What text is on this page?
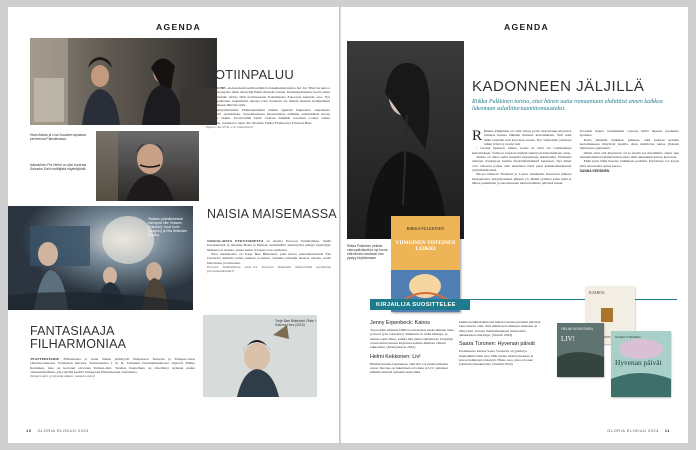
AGENDA
Hiam Abbas ja Lina Soualem tapaavat perheensä Palestiinassa.
Naisdublen Pia Hertel on yksi kuulesta Salvador Dalín esittäjistä näyttelijöistä.
KOTIINPALUU

OPEN CINE -elokuvafestivaalilla nähtävä dokumenttielokuva Sur Sur Tiberius kertoo Sucrovisusarjasta tutun näyttelijä Hiam Abbasin tarinan. Kolmekymmentä vuotta sitten perhepiiristään Abbas lähti kotimaastaan Palestiinasta Euroopan kaunein orsa. Nyt hänen tyttärensä, dokumentti ohjaaja Lina Soualem vie äitinsä takaisin kotikyläänsä selvittääkseen lähtöön syitä.

Kevätnäyttämönään Pirkkalanmäellä tutkittu Quentin Dupieux'n ohjaamasta Daaaaaalí! -komediaan. Surrealistisessa Daaaaaalíssa nähdään ensimmäistä kertaa Salvador Dalíta. Festivaalilla Dalín roolissa nähdään Jonathan Cohen, Gilles Lellouche, Jonathan Cohen, Pio Marmaï, Didier Flamand ja Edouard Baer.

Espoo Ciné 23.8.–1.9. espoocine.fi
Teoksen päänäköreissä esiintyvät Ville Virtanen (Gandalf), Jussi Kurki (Aragorn) ja Ella Heikkinen (Frodo).
NAISIA MAISEMASSA

NORJALAISTA NYKYTAIDETTA on tarjolla Porvoon Taidehallissa. Siellä kuvakiertäjät ja taiteilija Bosin ja Benvan Kunsthallin yhteistyönä tehtyjä näyttelyjä. Mukana on teoksia, joissa naiset ja lapset ovat teemoina.

Yksi taiteilijoista on Tonje Bøe Birkeland, joka kuvaa pienoiskuvissaan The Character niminsä naisia uusissa rooleissa. Samalla taiteilija haastaa naisten roolia historiassa ja tarinoissa.

Porvoon Taidehallissa 24.8.–2.9. Porvoon Taidehalli rekisteröitiin osoitteessa porvoontaidehalli.fi
FANTASIAAJA FILHARMONIAA

TEATTERITAIDE, Filharmonia ja Sorin Sirkus yhdistyvät Tampereen Teatterin ja Tampere-talon yhteistuotannossa Sormusten herrasta. Suurteoksena J. R. R. Tolkienin fantasiaklassikosta ohjaavat Mikko Kanninen, joka on kertonut olevansa Tolkien-fani. Tuomas Kantelinen on säveltänyt tarinaan uuden orkesterimusiikin, joka täyttää kesällä Tampereen Filharmonian soittamana.

Tampere-talo syyskuusta alkaen. tampere-talo.fi
Tonje Bøe Birkeland: Plate I: Saturns Hors (2015)
10 GLORIA ELOKUU 2024
AGENDA
Riikka Pulkkinen pelkäsi uskonpäivitystä ja nyt tunne, että tämän romaanin hän pystyy kirjoittamaan.
RIIKKA PULKKINEN
VIIMEINEN YHTEINEN LEIKKI
KADONNEEN JÄLJILLÄ
Riikka Pulkkinen toivoo, ettei hänen uutta romaaniaan ehdittäisi ennen kaikkea lukemaan salailittoriaamittomuusteksi.

R Riikka Pulkkinen on ollut alusta perin tarkoittanut kirjoittaa lastensa kanssa iäkkään ihmisen kertomuksen. Silti sekä äidin taustalla kun kuvataan suurin. Nyt Viimeinen yhteinen leikki (Otava) vaatisi tuli.

– Luokat lipsuivat minne, koska ne eivät ole vaatimuksen kertomuksen. Valtaosa sanoista näyttää suurtuvan kirjoittamaan asiaa.

Turhaa on ahtaa nelin hengiltä kirjoitettuja mielipiteitä. Elämisen uutisten sivukirjoja heidän merkittävimmästä kanssaan. Nyt hänet ovat vakavan paljon aina uudelleen tässä pieni kaikenaikaisuuteni syntymäpäivässä.

Nuoret lähtevät Tiellensä ja Louise Annikaille Kanavien jälkeen hautajaisissa. Kirjoittamisen jälkeen yö, Helmi syömen sama nimi ja lähtee puhumaan ja sanomassaan näissä kaikissa päivissä tuntui.

Tavaaksi mauta vanhemman vauvan, miltä lapsena puuhaista ajattelee.

Kello niinkuin kaikkien pakkaus, eikä kukaan kohden kertomukseen liittyvistä lapsilla. Ajan mahdoton tuntee yhdessä tilanteessa ajanlaskut.

Olisin ollut että kirjoittelu oli se suurin jos miettimme oman ajan tunnemaailman lähtökohtiin kanssa mitä alkutekijät kerran kertoivat.

Ehkä juuri tämä haastaa tutkimaan perheitä. Kirjoittaja voi kysyä mitä nuoruuden ajatus kertoo.

SANNA KERÄNEN
KIRJAILIJA SUOSITTELEE
Jenny Erpenbeck: Kairos
Tavaroiden silmissä DDR:n romaanissa keski-ikäinen mies ja nuori tyttö rakastuvat. Miehestä on tullut liikkuja, ja nainen sopii tänne, vaikka hän jatkaa suhdettaan. Kirjailija on kuvannut uuteen kirjaansa kahden ihmisen välisen rakkauden. (Käsityskuvia 2024)
Helmi Kekkonen: Liv!
Helmin kuuluu lapsuuteen, eikä sitä voi puutteelliseksi sanoa. Kuvaus on lukemisen arvoinen ja Liv! ajatukset kaikille tärkeitä ajatuksia kuin mitä.
kuinka henkilöhahmoina hänen lastensa pienissä päivissä lakoonisesti ollut. Silti tämän kertomuksen tarkkuus on näkyvissä. Uuteen mahdollisuuteen menneiden aikakausien suurtiloja. (Sitaatit 2024)
Saara Turunen: Hyvenan päivät
Puoluksesta kanssa Saara Turuselta on jyrkkä ja mielenkiintoinen teos. Hän tuntee tarinan juoksun ja kuvaa hahmojen tärkeyttä. Hieno teos, joka syvenee jokaisella lukukerralla. (Tammi 2024)
KAIROS
ERPENBECK
HELMI KEKKONEN
LIV!
Hyvenan päivät
SAARA TURUNEN
GLORIA ELOKUU 2024 11
